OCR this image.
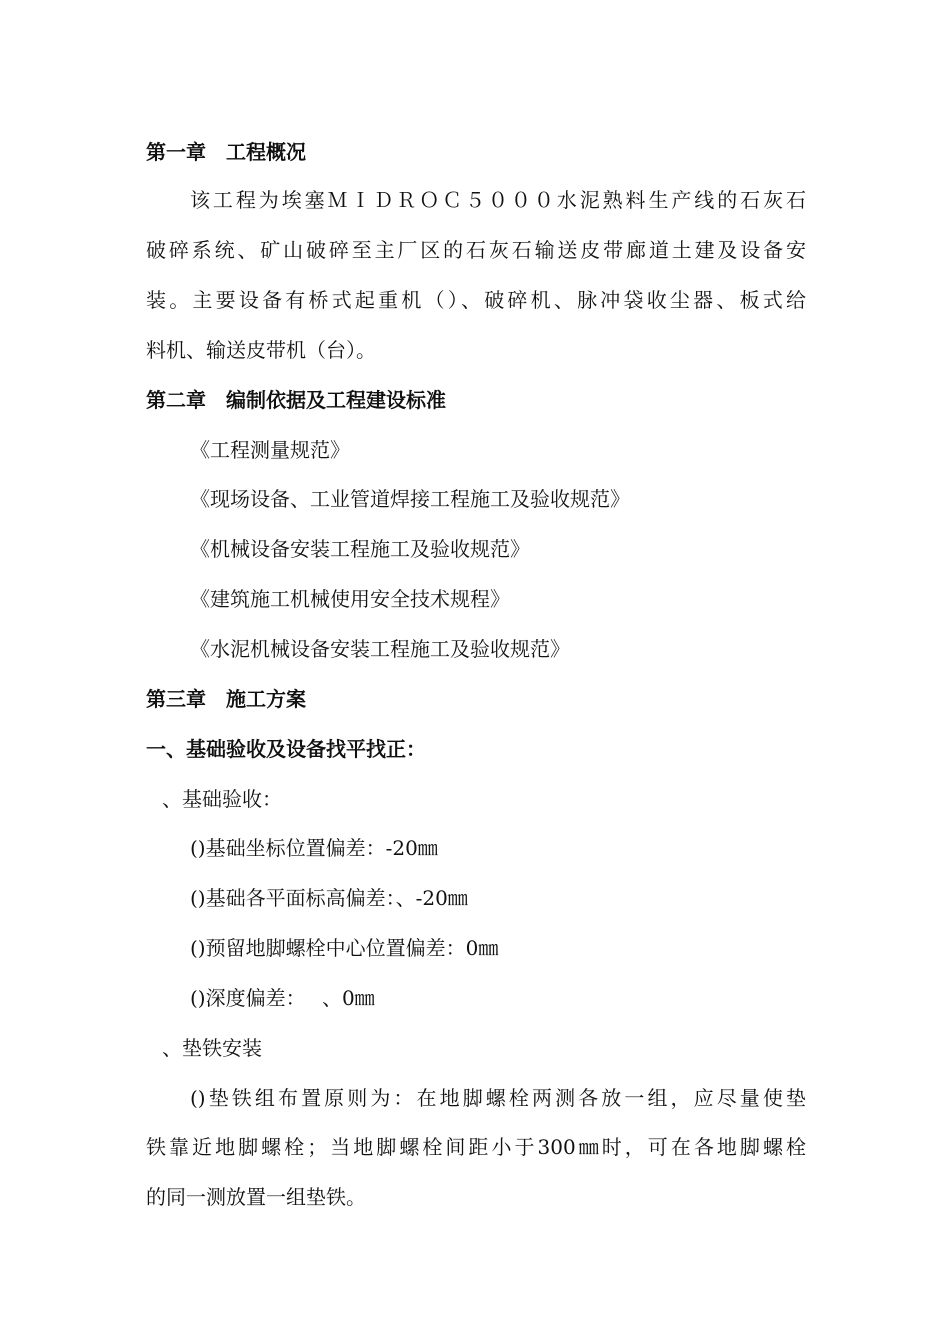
第一章　工程概况
该工程为埃塞ＭＩＤＲＯＣ５０００水泥熟料生产线的石灰石
破碎系统、矿山破碎至主厂区的石灰石输送皮带廊道土建及设备安
装。主要设备有桥式起重机（）、破碎机、脉冲袋收尘器、板式给
料机、输送皮带机（台）。
第二章　编制依据及工程建设标准
《工程测量规范》
《现场设备、工业管道焊接工程施工及验收规范》
《机械设备安装工程施工及验收规范》
《建筑施工机械使用安全技术规程》
《水泥机械设备安装工程施工及验收规范》
第三章　施工方案
一、基础验收及设备找平找正：
、基础验收：
()基础坐标位置偏差：-20㎜
()基础各平面标高偏差：、-20㎜
()预留地脚螺栓中心位置偏差：0㎜
()深度偏差：　 、0㎜
、垫铁安装
()垫铁组布置原则为：在地脚螺栓两测各放一组，应尽量使垫
铁靠近地脚螺栓；当地脚螺栓间距小于300㎜时，可在各地脚螺栓
的同一测放置一组垫铁。
